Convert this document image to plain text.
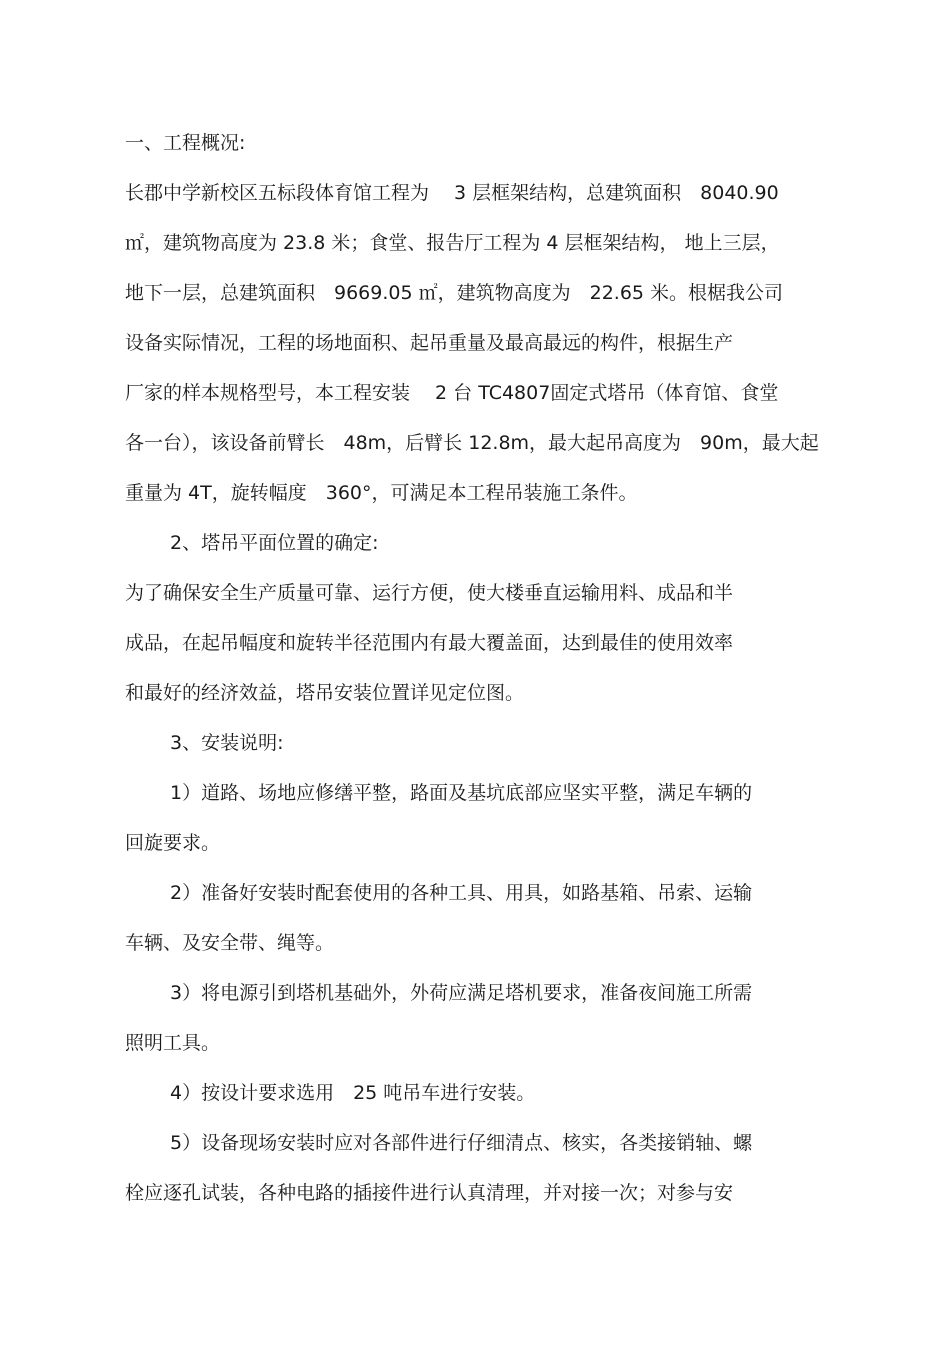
一、工程概况:
长郡中学新校区五标段体育馆工程为　 3 层框架结构，总建筑面积　8040.90
㎡，建筑物高度为 23.8 米；食堂、报告厅工程为 4 层框架结构， 地上三层，
地下一层，总建筑面积　9669.05 ㎡，建筑物高度为　22.65 米。根椐我公司
设备实际情况，工程的场地面积、起吊重量及最高最远的构件，根据生产
厂家的样本规格型号，本工程安装　 2 台 TC4807固定式塔吊（体育馆、食堂
各一台），该设备前臂长　48m，后臂长 12.8m，最大起吊高度为　90m，最大起
重量为 4T，旋转幅度　360°，可满足本工程吊装施工条件。
2、塔吊平面位置的确定:
为了确保安全生产质量可靠、运行方便，使大楼垂直运输用料、成品和半
成品，在起吊幅度和旋转半径范围内有最大覆盖面，达到最佳的使用效率
和最好的经济效益，塔吊安装位置详见定位图。
3、安装说明:
1）道路、场地应修缮平整，路面及基坑底部应坚实平整，满足车辆的
回旋要求。
2）准备好安装时配套使用的各种工具、用具，如路基箱、吊索、运输
车辆、及安全带、绳等。
3）将电源引到塔机基础外，外荷应满足塔机要求，准备夜间施工所需
照明工具。
4）按设计要求选用　25 吨吊车进行安装。
5）设备现场安装时应对各部件进行仔细清点、核实，各类接销轴、螺
栓应逐孔试装，各种电路的插接件进行认真清理，并对接一次；对参与安
